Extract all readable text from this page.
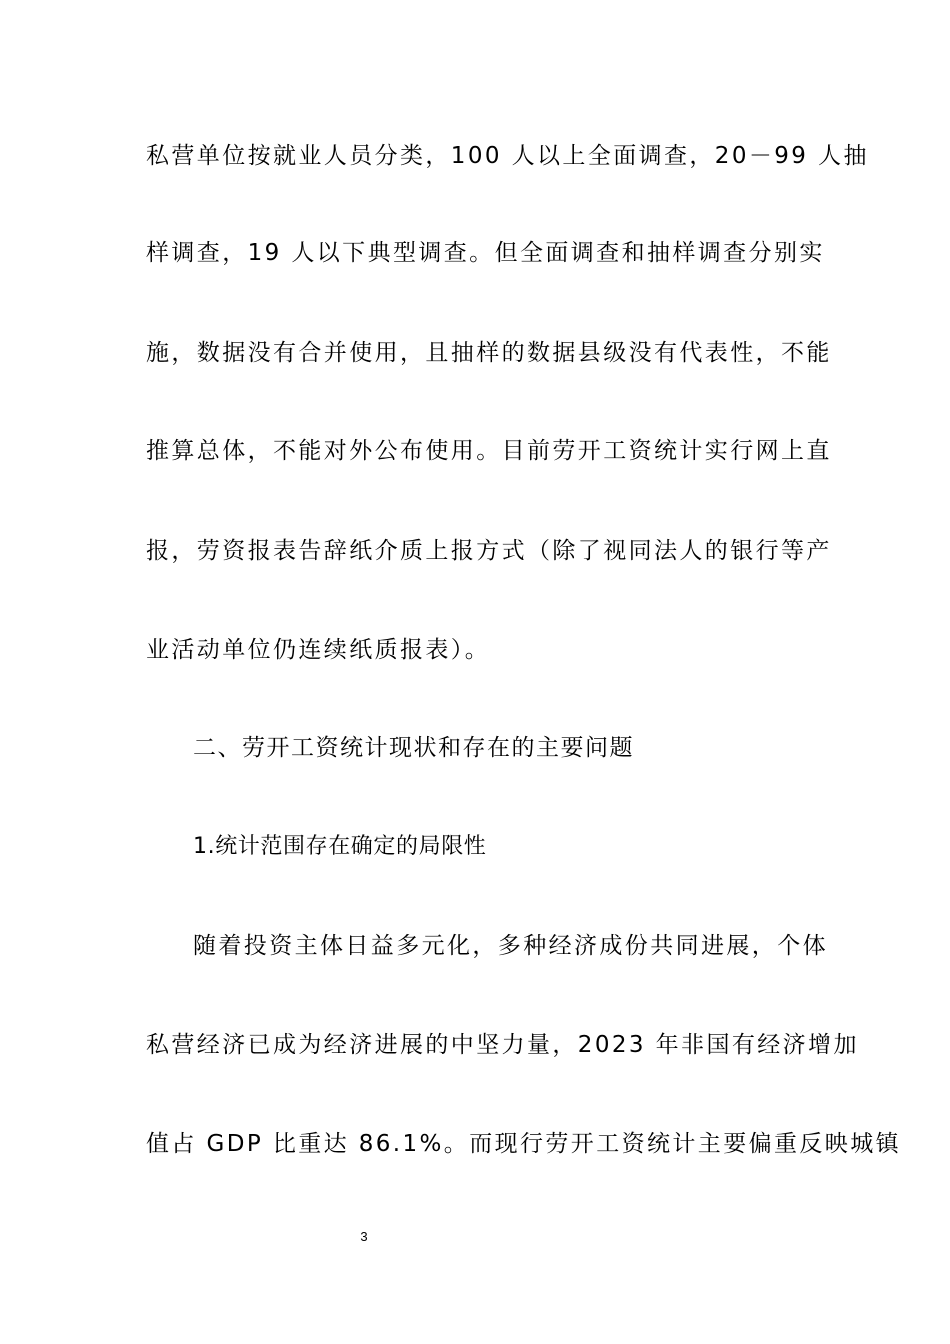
私营单位按就业人员分类，100 人以上全面调查，20－99 人抽
样调查，19 人以下典型调查。但全面调查和抽样调查分别实
施，数据没有合并使用，且抽样的数据县级没有代表性，不能
推算总体，不能对外公布使用。目前劳开工资统计实行网上直
报，劳资报表告辞纸介质上报方式（除了视同法人的银行等产
业活动单位仍连续纸质报表）。
二、劳开工资统计现状和存在的主要问题
1.统计范围存在确定的局限性
随着投资主体日益多元化，多种经济成份共同进展，个体
私营经济已成为经济进展的中坚力量，2023 年非国有经济增加
值占 GDP 比重达 86.1%。而现行劳开工资统计主要偏重反映城镇
3
